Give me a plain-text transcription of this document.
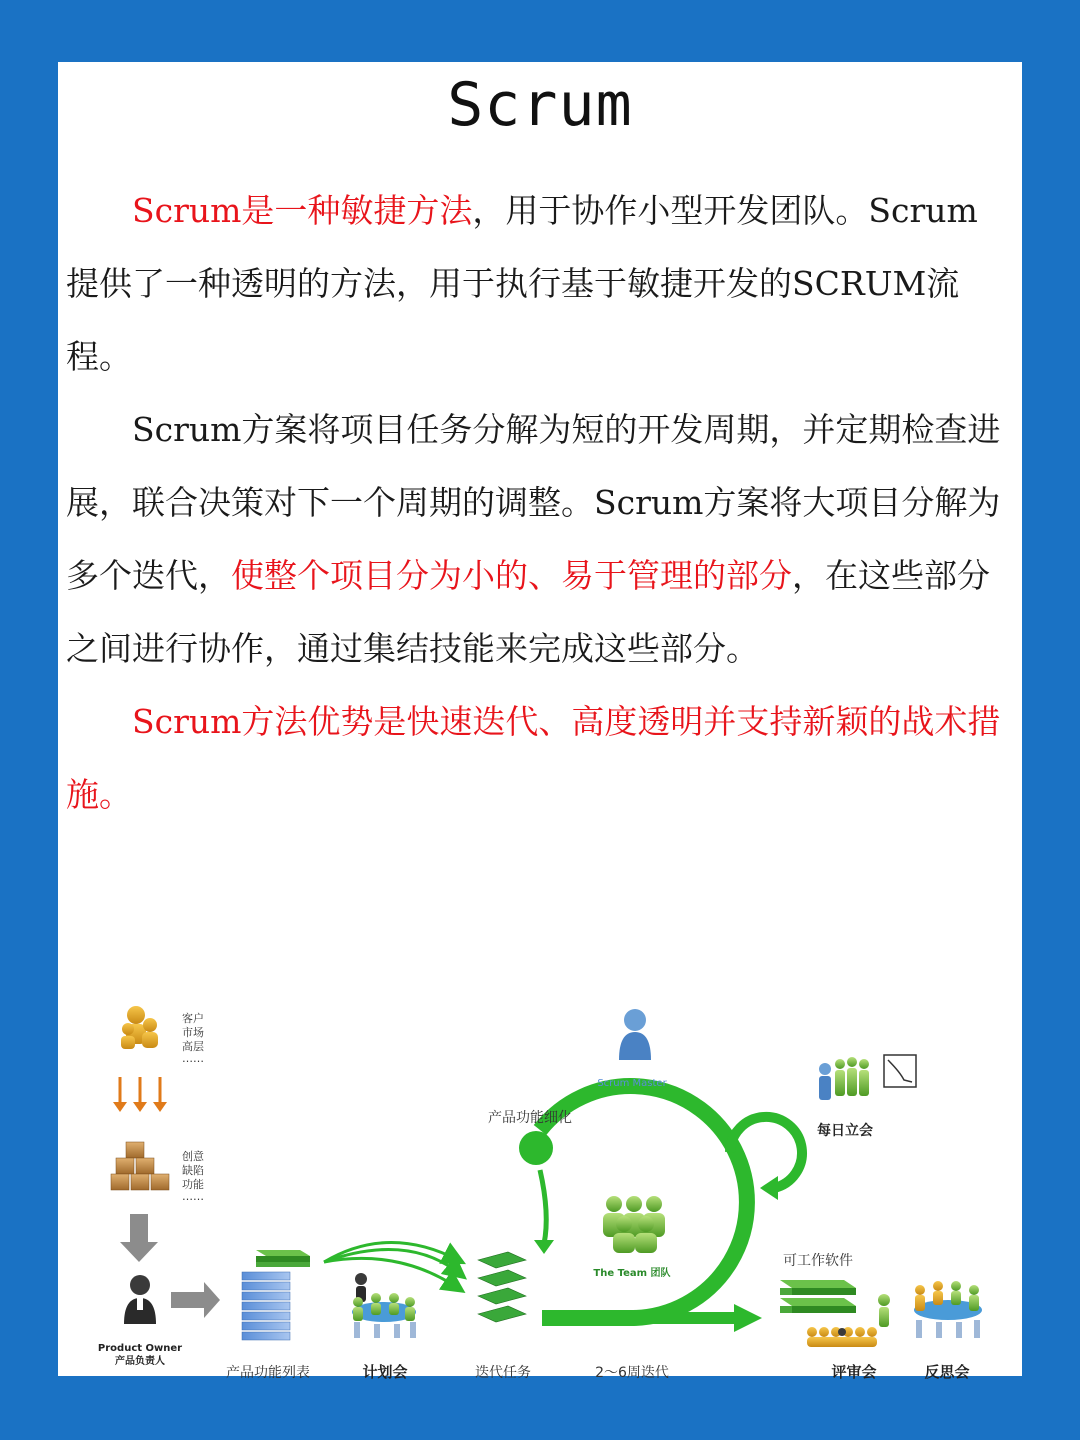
Scrum

Scrum是一种敏捷方法，用于协作小型开发团队。Scrum提供了一种透明的方法，用于执行基于敏捷开发的SCRUM流程。

Scrum方案将项目任务分解为短的开发周期，并定期检查进展，联合决策对下一个周期的调整。Scrum方案将大项目分解为多个迭代，使整个项目分为小的、易于管理的部分，在这些部分之间进行协作，通过集结技能来完成这些部分。

Scrum方法优势是快速迭代、高度透明并支持新颖的战术措施。

客户
市场
高层
……
创意
缺陷
功能
……
Product Owner
产品功能列表	计划会	迭代任务
Scrum Master
产品功能细化
The Team 团队
2～6周迭代
每日立会
可工作软件
评审会	反思会
产品负责人
